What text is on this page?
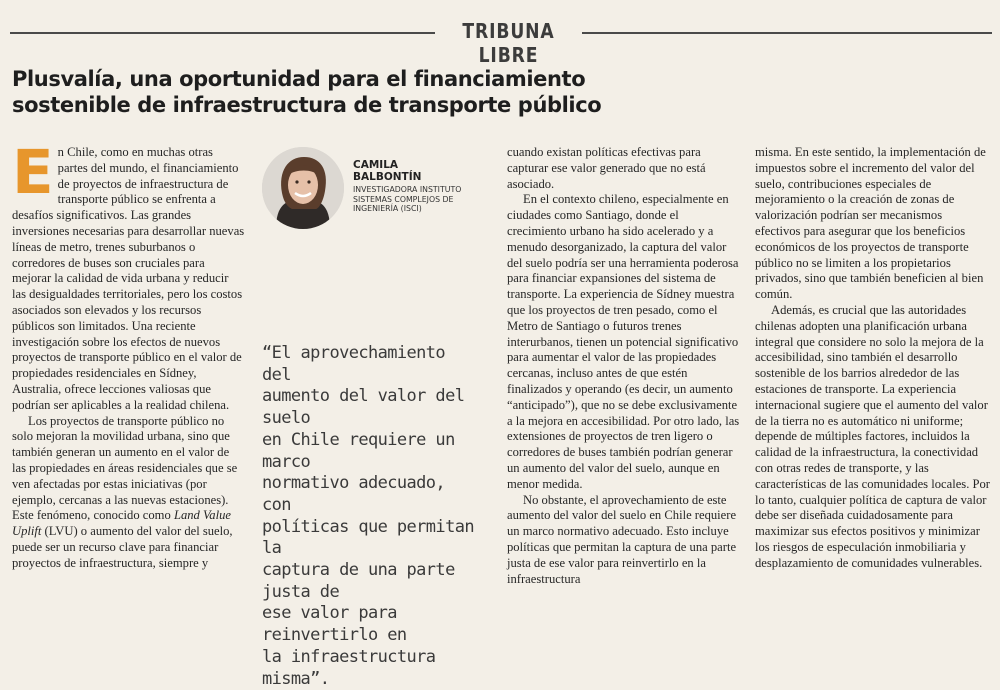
TRIBUNA LIBRE
Plusvalía, una oportunidad para el financiamiento
sostenible de infraestructura de transporte público
E n Chile, como en muchas otras partes del mundo, el financiamiento de proyectos de infraestructura de transporte público se enfrenta a desafíos significativos. Las grandes inversiones necesarias para desarrollar nuevas líneas de metro, trenes suburbanos o corredores de buses son cruciales para mejorar la calidad de vida urbana y reducir las desigualdades territoriales, pero los costos asociados son elevados y los recursos públicos son limitados. Una reciente investigación sobre los efectos de nuevos proyectos de transporte público en el valor de propiedades residenciales en Sídney, Australia, ofrece lecciones valiosas que podrían ser aplicables a la realidad chilena.

Los proyectos de transporte público no solo mejoran la movilidad urbana, sino que también generan un aumento en el valor de las propiedades en áreas residenciales que se ven afectadas por estas iniciativas (por ejemplo, cercanas a las nuevas estaciones). Este fenómeno, conocido como Land Value Uplift (LVU) o aumento del valor del suelo, puede ser un recurso clave para financiar proyectos de infraestructura, siempre y

CAMILA
BALBONTÍN
INVESTIGADORA INSTITUTO
SISTEMAS COMPLEJOS DE
INGENIERÍA (ISCI)
“El aprovechamiento del
aumento del valor del suelo
en Chile requiere un marco
normativo adecuado, con
políticas que permitan la
captura de una parte justa de
ese valor para reinvertirlo en
la infraestructura misma”.

cuando existan políticas efectivas para capturar ese valor generado que no está asociado.

En el contexto chileno, especialmente en ciudades como Santiago, donde el crecimiento urbano ha sido acelerado y a menudo desorganizado, la captura del valor del suelo podría ser una herramienta poderosa para financiar expansiones del sistema de transporte. La experiencia de Sídney muestra que los proyectos de tren pesado, como el Metro de Santiago o futuros trenes interurbanos, tienen un potencial significativo para aumentar el valor de las propiedades cercanas, incluso antes de que estén finalizados y operando (es decir, un aumento “anticipado”), que no se debe exclusivamente a la mejora en accesibilidad. Por otro lado, las extensiones de proyectos de tren ligero o corredores de buses también podrían generar un aumento del valor del suelo, aunque en menor medida.

No obstante, el aprovechamiento de este aumento del valor del suelo en Chile requiere un marco normativo adecuado. Esto incluye políticas que permitan la captura de una parte justa de ese valor para reinvertirlo en la infraestructura

misma. En este sentido, la implementación de impuestos sobre el incremento del valor del suelo, contribuciones especiales de mejoramiento o la creación de zonas de valorización podrían ser mecanismos efectivos para asegurar que los beneficios económicos de los proyectos de transporte público no se limiten a los propietarios privados, sino que también beneficien al bien común.

Además, es crucial que las autoridades chilenas adopten una planificación urbana integral que considere no solo la mejora de la accesibilidad, sino también el desarrollo sostenible de los barrios alrededor de las estaciones de transporte. La experiencia internacional sugiere que el aumento del valor de la tierra no es automático ni uniforme; depende de múltiples factores, incluidos la calidad de la infraestructura, la conectividad con otras redes de transporte, y las características de las comunidades locales. Por lo tanto, cualquier política de captura de valor debe ser diseñada cuidadosamente para maximizar sus efectos positivos y minimizar los riesgos de especulación inmobiliaria y desplazamiento de comunidades vulnerables.
